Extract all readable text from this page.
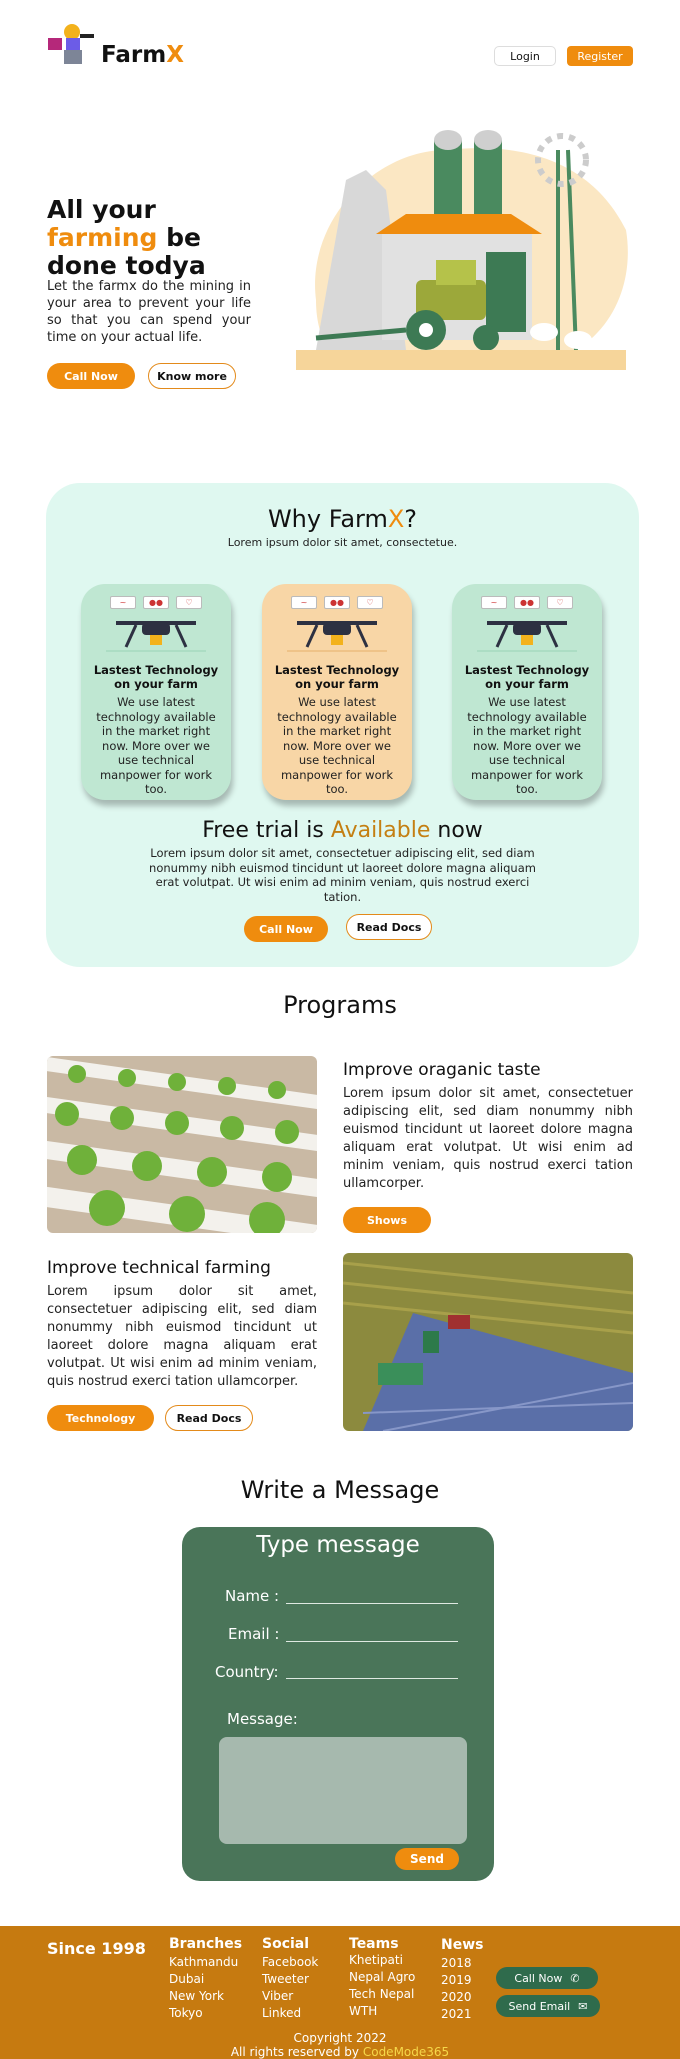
FarmX	Login	Register
All your
farming be
done todya
Let the farmx do the mining in your area to prevent your life so that you can spend your time on your actual life.
Call Now	Know more
Why FarmX?
Lorem ipsum dolor sit amet, consectetue.
~	●●	♡
Lastest Technology on your farm
We use latest technology available in the market right now. More over we use technical manpower for work too.
~	●●	♡
Lastest Technology on your farm
We use latest technology available in the market right now. More over we use technical manpower for work too.
~	●●	♡
Lastest Technology on your farm
We use latest technology available in the market right now. More over we use technical manpower for work too.
Free trial is Available now
Lorem ipsum dolor sit amet, consectetuer adipiscing elit, sed diam nonummy nibh euismod tincidunt ut laoreet dolore magna aliquam erat volutpat. Ut wisi enim ad minim veniam, quis nostrud exerci tation.
Call Now	Read Docs
Programs
Improve oraganic taste
Lorem ipsum dolor sit amet, consectetuer adipiscing elit, sed diam nonummy nibh euismod tincidunt ut laoreet dolore magna aliquam erat volutpat. Ut wisi enim ad minim veniam, quis nostrud exerci tation ullamcorper.
Shows
Improve technical farming
Lorem ipsum dolor sit amet, consectetuer adipiscing elit, sed diam nonummy nibh euismod tincidunt ut laoreet dolore magna aliquam erat volutpat. Ut wisi enim ad minim veniam, quis nostrud exerci tation ullamcorper.
Technology	Read Docs
Write a Message
Type message
Name :
Email :
Country:
Message:
Send
Since 1998 Branches
Kathmandu
Dubai
New York
Tokyo
Social
Facebook
Tweeter
Viber
Linked
Teams
Khetipati
Nepal Agro
Tech Nepal
WTH
News
2018
2019
2020
2021
Call Now ✆
Send Email ✉
Copyright 2022
All rights reserved by CodeMode365
